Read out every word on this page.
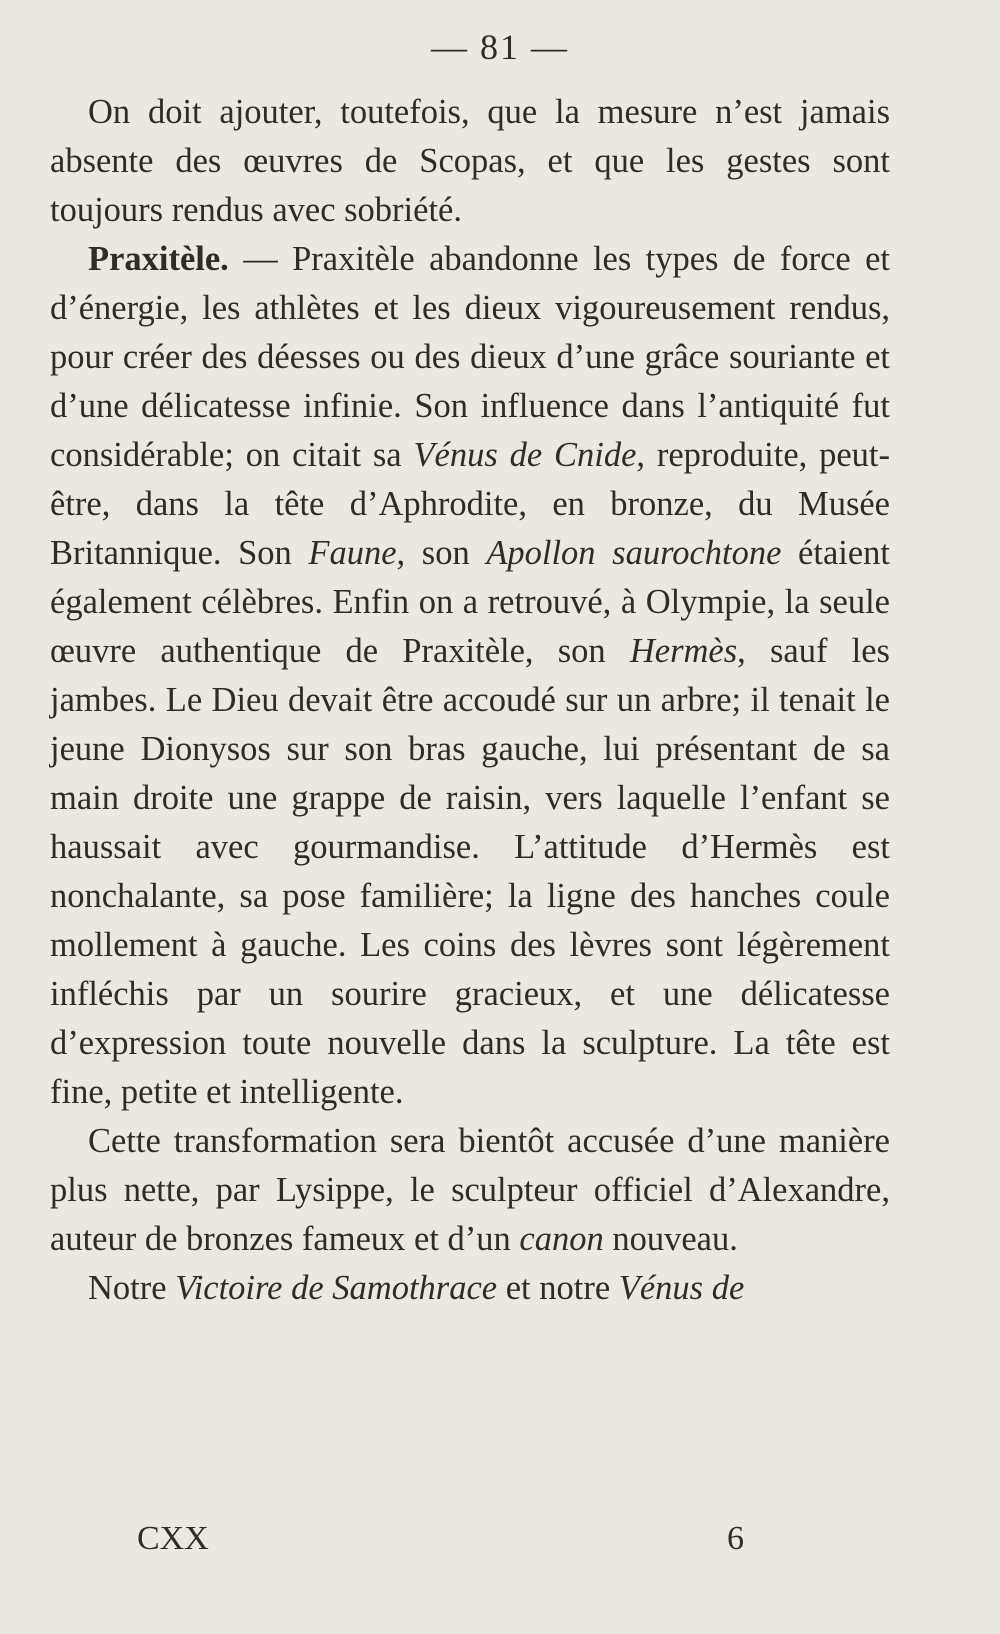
— 81 —

On doit ajouter, toutefois, que la mesure n’est jamais absente des œuvres de Scopas, et que les gestes sont toujours rendus avec sobriété.

Praxitèle. — Praxitèle abandonne les types de force et d’énergie, les athlètes et les dieux vigoureusement rendus, pour créer des déesses ou des dieux d’une grâce souriante et d’une délicatesse infinie. Son influence dans l’antiquité fut considérable; on citait sa Vénus de Cnide, reproduite, peut-être, dans la tête d’Aphrodite, en bronze, du Musée Britannique. Son Faune, son Apollon saurochtone étaient également célèbres. Enfin on a retrouvé, à Olympie, la seule œuvre authentique de Praxitèle, son Hermès, sauf les jambes. Le Dieu devait être accoudé sur un arbre; il tenait le jeune Dionysos sur son bras gauche, lui présentant de sa main droite une grappe de raisin, vers laquelle l’enfant se haussait avec gourmandise. L’attitude d’Hermès est nonchalante, sa pose familière; la ligne des hanches coule mollement à gauche. Les coins des lèvres sont légèrement infléchis par un sourire gracieux, et une délicatesse d’expression toute nouvelle dans la sculpture. La tête est fine, petite et intelligente.

Cette transformation sera bientôt accusée d’une manière plus nette, par Lysippe, le sculpteur officiel d’Alexandre, auteur de bronzes fameux et d’un canon nouveau.

Notre Victoire de Samothrace et notre Vénus de

CXX	6
